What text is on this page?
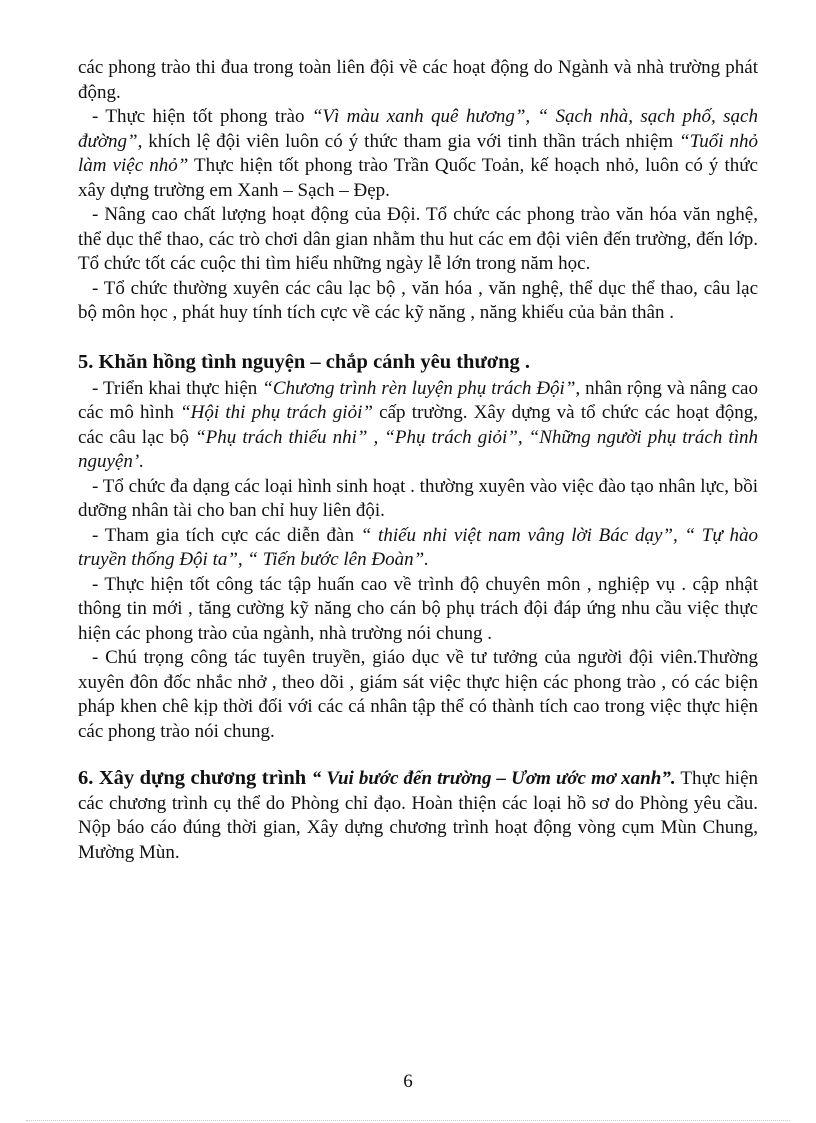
các phong trào thi đua trong toàn liên đội về các hoạt động do Ngành và nhà trường phát động.

- Thực hiện tốt phong trào “Vì màu xanh quê hương”, “ Sạch nhà, sạch phố, sạch đường”, khích lệ đội viên luôn có ý thức tham gia với tinh thần trách nhiệm “Tuổi nhỏ làm việc nhỏ” Thực hiện tốt phong trào Trần Quốc Toản, kế hoạch nhỏ, luôn có ý thức xây dựng trường em Xanh – Sạch – Đẹp.

- Nâng cao chất lượng hoạt động của Đội. Tổ chức các phong trào văn hóa văn nghệ, thể dục thể thao, các trò chơi dân gian nhằm thu hut các em đội viên đến trường, đến lớp. Tổ chức tốt các cuộc thi tìm hiểu những ngày lễ lớn trong năm học.

- Tổ chức thường xuyên các câu lạc bộ , văn hóa , văn nghệ, thể dục thể thao, câu lạc bộ môn học , phát huy tính tích cực về các kỹ năng , năng khiếu của bản thân .

5. Khăn hồng tình nguyện – chắp cánh yêu thương .

- Triển khai thực hiện “Chương trình rèn luyện phụ trách Đội”, nhân rộng và nâng cao các mô hình “Hội thi phụ trách giỏi” cấp trường. Xây dựng và tổ chức các hoạt động, các câu lạc bộ “Phụ trách thiếu nhi” , “Phụ trách giỏi”, “Những người phụ trách tình nguyện’.

- Tổ chức đa dạng các loại hình sinh hoạt . thường xuyên vào việc đào tạo nhân lực, bồi dưỡng nhân tài cho ban chỉ huy liên đội.

- Tham gia tích cực các diễn đàn “ thiếu nhi việt nam vâng lời Bác dạy”, “ Tự hào truyền thống Đội ta”, “ Tiến bước lên Đoàn”.

- Thực hiện tốt công tác tập huấn cao về trình độ chuyên môn , nghiệp vụ . cập nhật thông tin mới , tăng cường kỹ năng cho cán bộ phụ trách đội đáp ứng nhu cầu việc thực hiện các phong trào của ngành, nhà trường nói chung .

- Chú trọng công tác tuyên truyền, giáo dục về tư tưởng của người đội viên.Thường xuyên đôn đốc nhắc nhở , theo dõi , giám sát việc thực hiện các phong trào , có các biện pháp khen chê kịp thời đối với các cá nhân tập thể có thành tích cao trong việc thực hiện các phong trào nói chung.

6. Xây dựng chương trình “ Vui bước đến trường – Ươm ước mơ xanh”. Thực hiện các chương trình cụ thể do Phòng chỉ đạo. Hoàn thiện các loại hồ sơ do Phòng yêu cầu. Nộp báo cáo đúng thời gian, Xây dựng chương trình hoạt động vòng cụm Mùn Chung, Mường Mùn.

6
